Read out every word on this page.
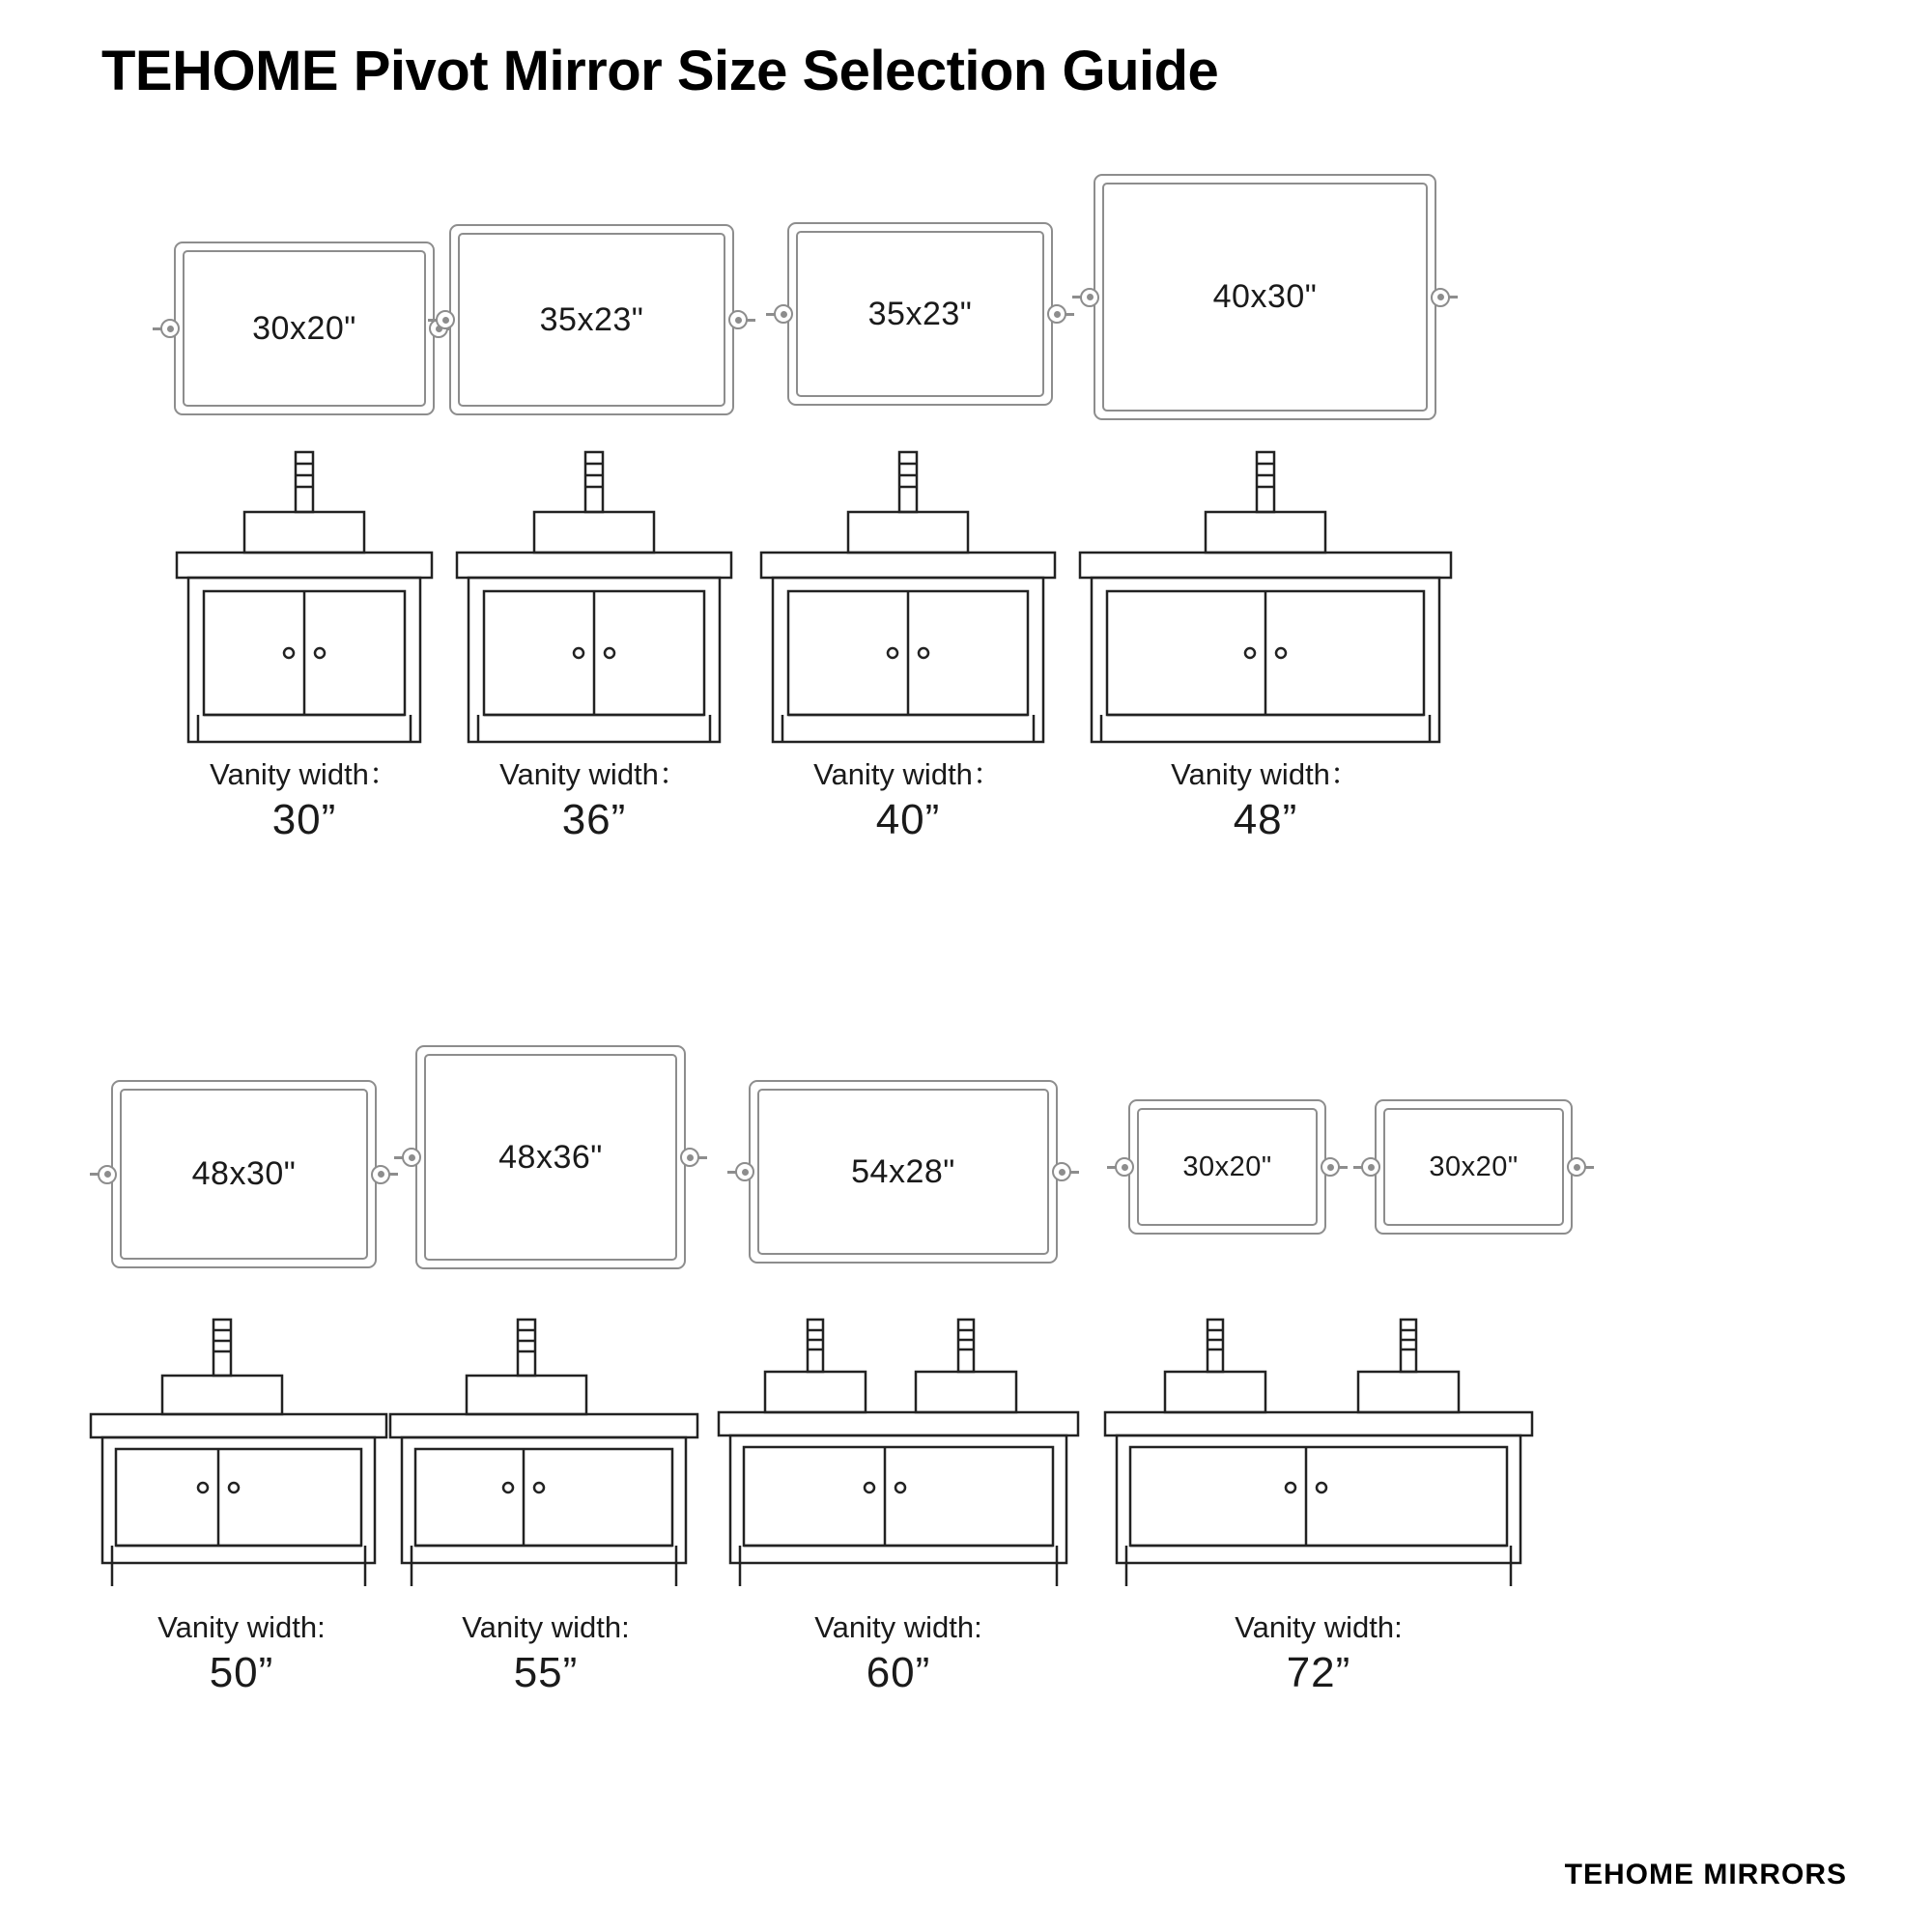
TEHOME Pivot Mirror Size Selection Guide
30x20"
Vanity width：
30”
35x23"
Vanity width：
36”
35x23"
Vanity width：
40”
40x30"
Vanity width：
48”
48x30"
Vanity width:
50”
48x36"
Vanity width:
55”
54x28"
Vanity width:
60”
30x20"	30x20"
Vanity width:
72”
TEHOME MIRRORS
